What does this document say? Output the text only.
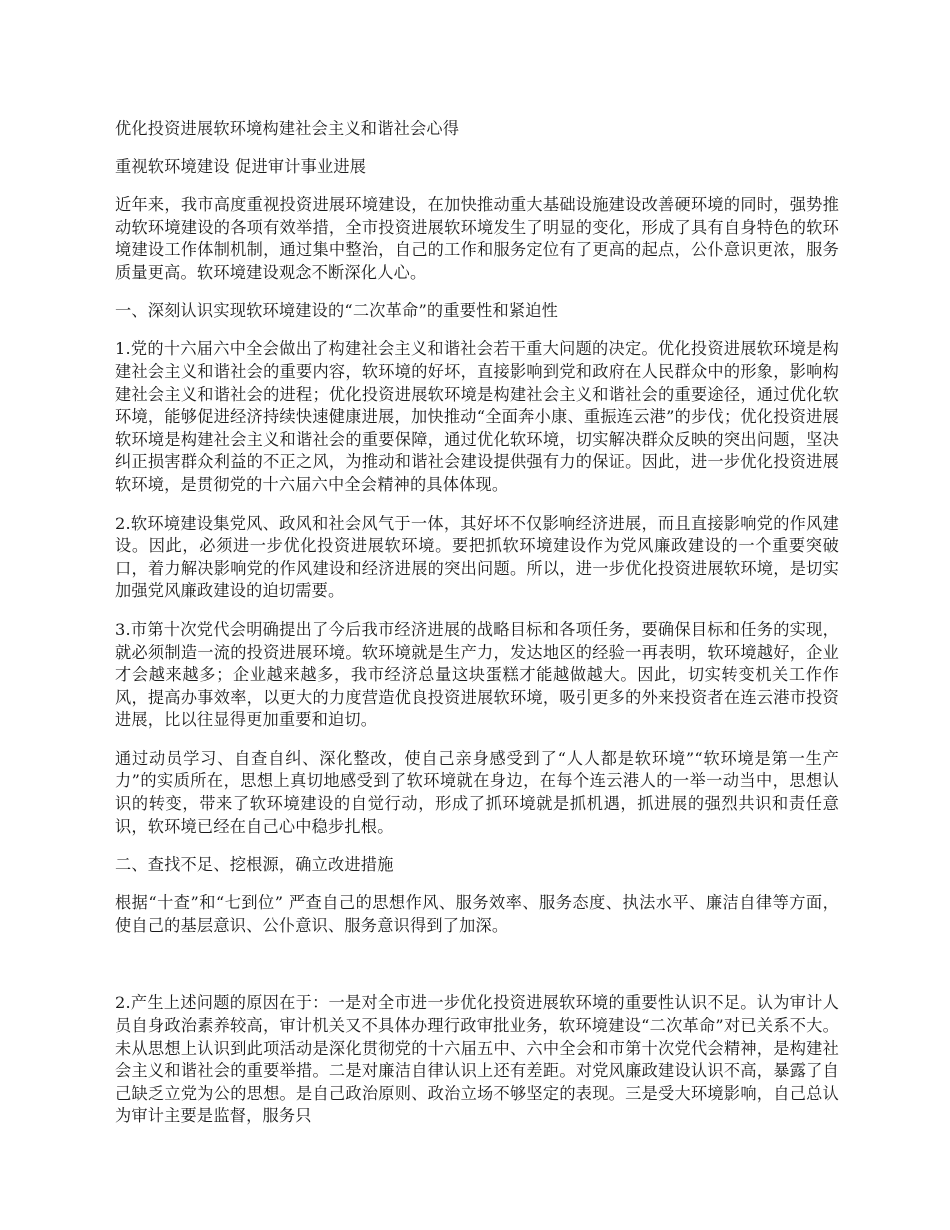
优化投资进展软环境构建社会主义和谐社会心得
重视软环境建设 促进审计事业进展
近年来，我市高度重视投资进展环境建设，在加快推动重大基础设施建设改善硬环境的同时，强势推动软环境建设的各项有效举措，全市投资进展软环境发生了明显的变化，形成了具有自身特色的软环境建设工作体制机制，通过集中整治，自己的工作和服务定位有了更高的起点，公仆意识更浓，服务质量更高。软环境建设观念不断深化人心。
一、深刻认识实现软环境建设的“二次革命”的重要性和紧迫性
1.党的十六届六中全会做出了构建社会主义和谐社会若干重大问题的决定。优化投资进展软环境是构建社会主义和谐社会的重要内容，软环境的好坏，直接影响到党和政府在人民群众中的形象，影响构建社会主义和谐社会的进程；优化投资进展软环境是构建社会主义和谐社会的重要途径，通过优化软环境，能够促进经济持续快速健康进展，加快推动“全面奔小康、重振连云港”的步伐；优化投资进展软环境是构建社会主义和谐社会的重要保障，通过优化软环境，切实解决群众反映的突出问题，坚决纠正损害群众利益的不正之风，为推动和谐社会建设提供强有力的保证。因此，进一步优化投资进展软环境，是贯彻党的十六届六中全会精神的具体体现。
2.软环境建设集党风、政风和社会风气于一体，其好坏不仅影响经济进展，而且直接影响党的作风建设。因此，必须进一步优化投资进展软环境。要把抓软环境建设作为党风廉政建设的一个重要突破口，着力解决影响党的作风建设和经济进展的突出问题。所以，进一步优化投资进展软环境，是切实加强党风廉政建设的迫切需要。
3.市第十次党代会明确提出了今后我市经济进展的战略目标和各项任务，要确保目标和任务的实现，就必须制造一流的投资进展环境。软环境就是生产力，发达地区的经验一再表明，软环境越好，企业才会越来越多；企业越来越多，我市经济总量这块蛋糕才能越做越大。因此，切实转变机关工作作风，提高办事效率，以更大的力度营造优良投资进展软环境，吸引更多的外来投资者在连云港市投资进展，比以往显得更加重要和迫切。
通过动员学习、自查自纠、深化整改，使自己亲身感受到了“人人都是软环境”“软环境是第一生产力”的实质所在，思想上真切地感受到了软环境就在身边，在每个连云港人的一举一动当中，思想认识的转变，带来了软环境建设的自觉行动，形成了抓环境就是抓机遇，抓进展的强烈共识和责任意识，软环境已经在自己心中稳步扎根。
二、查找不足、挖根源，确立改进措施
根据“十查”和“七到位” 严查自己的思想作风、服务效率、服务态度、执法水平、廉洁自律等方面，使自己的基层意识、公仆意识、服务意识得到了加深。
2.产生上述问题的原因在于：一是对全市进一步优化投资进展软环境的重要性认识不足。认为审计人员自身政治素养较高，审计机关又不具体办理行政审批业务，软环境建设“二次革命”对已关系不大。未从思想上认识到此项活动是深化贯彻党的十六届五中、六中全会和市第十次党代会精神，是构建社会主义和谐社会的重要举措。二是对廉洁自律认识上还有差距。对党风廉政建设认识不高，暴露了自己缺乏立党为公的思想。是自己政治原则、政治立场不够坚定的表现。三是受大环境影响，自己总认为审计主要是监督，服务只
